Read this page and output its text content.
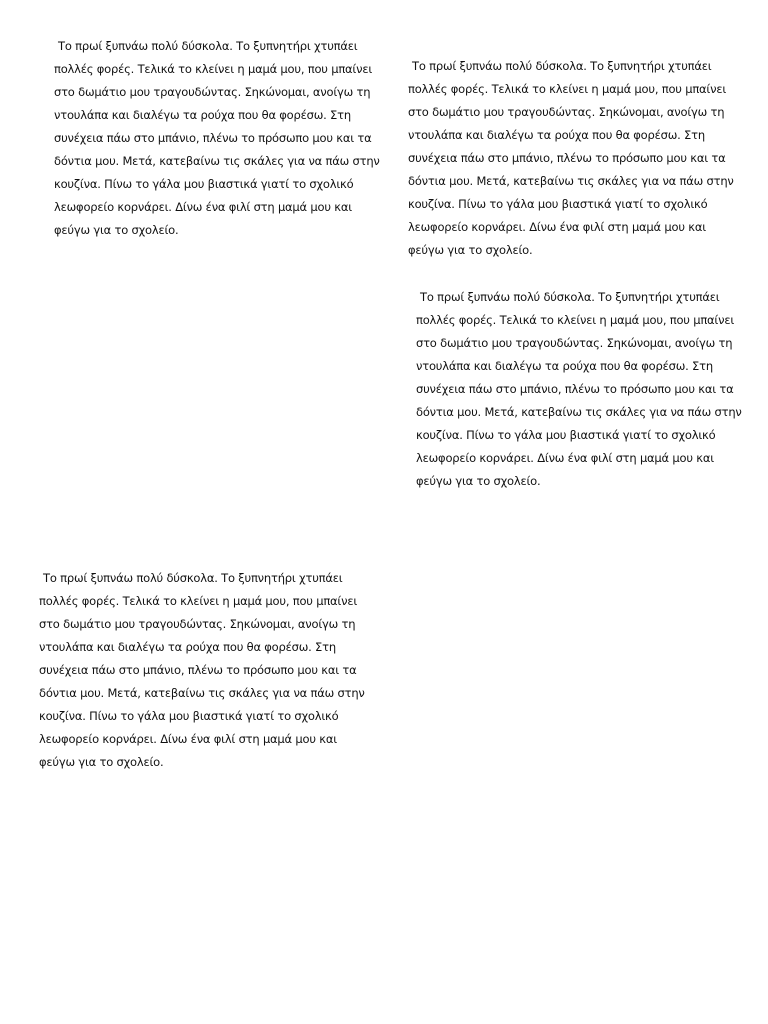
Το πρωί ξυπνάω πολύ δύσκολα. Το ξυπνητήρι χτυπάει
πολλές φορές. Τελικά το κλείνει η μαμά μου, που μπαίνει
στο δωμάτιο μου τραγουδώντας. Σηκώνομαι, ανοίγω τη
ντουλάπα και διαλέγω τα ρούχα που θα φορέσω. Στη
συνέχεια πάω στο μπάνιο, πλένω το πρόσωπο μου και τα
δόντια μου. Μετά, κατεβαίνω τις σκάλες για να πάω στην
κουζίνα. Πίνω το γάλα μου βιαστικά γιατί το σχολικό
λεωφορείο κορνάρει. Δίνω ένα φιλί στη μαμά μου και
φεύγω για το σχολείο.
Το πρωί ξυπνάω πολύ δύσκολα. Το ξυπνητήρι χτυπάει
πολλές φορές. Τελικά το κλείνει η μαμά μου, που μπαίνει
στο δωμάτιο μου τραγουδώντας. Σηκώνομαι, ανοίγω τη
ντουλάπα και διαλέγω τα ρούχα που θα φορέσω. Στη
συνέχεια πάω στο μπάνιο, πλένω το πρόσωπο μου και τα
δόντια μου. Μετά, κατεβαίνω τις σκάλες για να πάω στην
κουζίνα. Πίνω το γάλα μου βιαστικά γιατί το σχολικό
λεωφορείο κορνάρει. Δίνω ένα φιλί στη μαμά μου και
φεύγω για το σχολείο.
Το πρωί ξυπνάω πολύ δύσκολα. Το ξυπνητήρι χτυπάει
πολλές φορές. Τελικά το κλείνει η μαμά μου, που μπαίνει
στο δωμάτιο μου τραγουδώντας. Σηκώνομαι, ανοίγω τη
ντουλάπα και διαλέγω τα ρούχα που θα φορέσω. Στη
συνέχεια πάω στο μπάνιο, πλένω το πρόσωπο μου και τα
δόντια μου. Μετά, κατεβαίνω τις σκάλες για να πάω στην
κουζίνα. Πίνω το γάλα μου βιαστικά γιατί το σχολικό
λεωφορείο κορνάρει. Δίνω ένα φιλί στη μαμά μου και
φεύγω για το σχολείο.
Το πρωί ξυπνάω πολύ δύσκολα. Το ξυπνητήρι χτυπάει
πολλές φορές. Τελικά το κλείνει η μαμά μου, που μπαίνει
στο δωμάτιο μου τραγουδώντας. Σηκώνομαι, ανοίγω τη
ντουλάπα και διαλέγω τα ρούχα που θα φορέσω. Στη
συνέχεια πάω στο μπάνιο, πλένω το πρόσωπο μου και τα
δόντια μου. Μετά, κατεβαίνω τις σκάλες για να πάω στην
κουζίνα. Πίνω το γάλα μου βιαστικά γιατί το σχολικό
λεωφορείο κορνάρει. Δίνω ένα φιλί στη μαμά μου και
φεύγω για το σχολείο.
